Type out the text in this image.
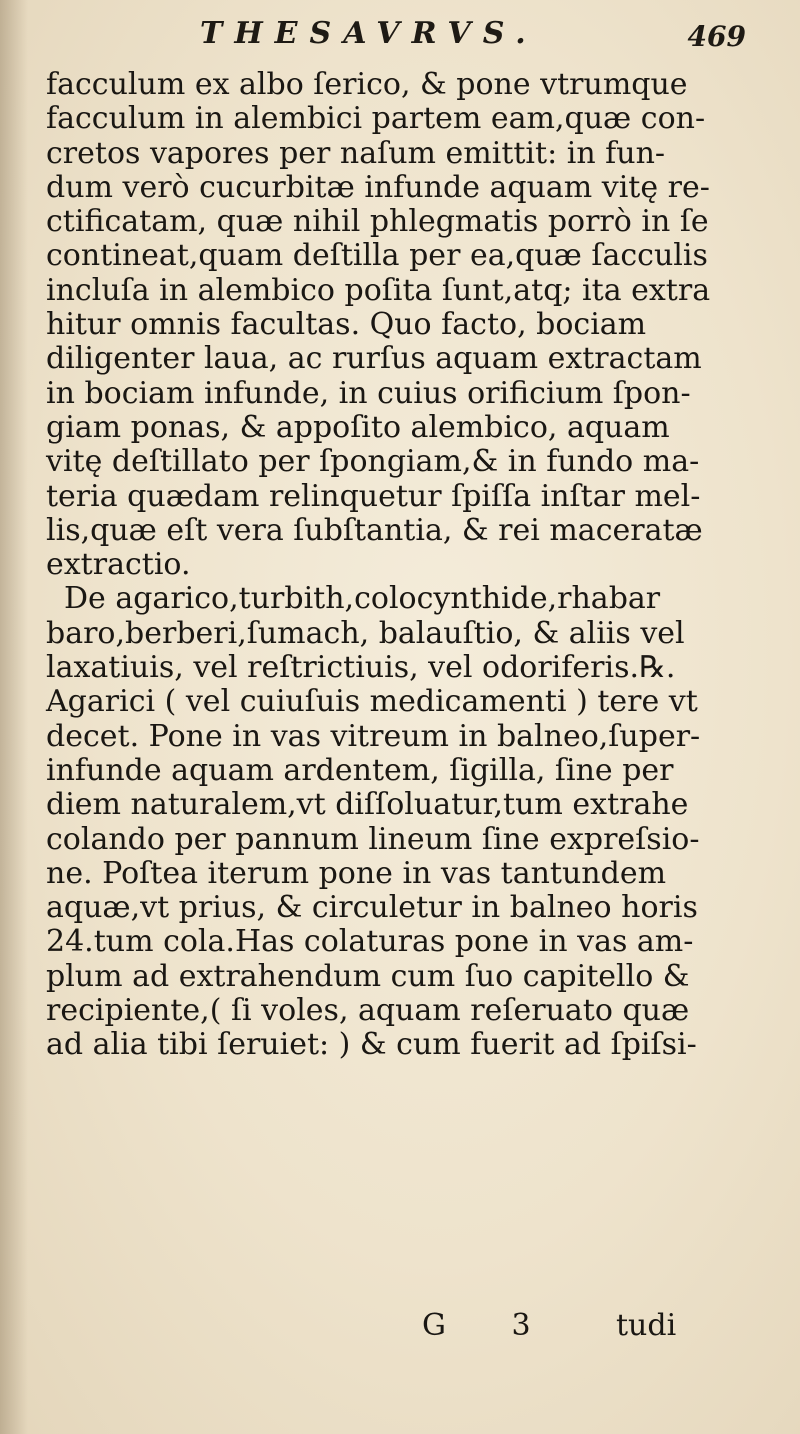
THESAVRVS.	469
facculum ex albo ſerico, & pone vtrumque
facculum in alembici partem eam,quæ con-
cretos vapores per naſum emittit: in fun-
dum verò cucurbitæ infunde aquam vitę re-
ctificatam, quæ nihil phlegmatis porrò in ſe
contineat,quam deſtilla per ea,quæ ſacculis
incluſa in alembico poſita ſunt,atq; ita extra
hitur omnis facultas. Quo facto, bociam
diligenter laua, ac rurſus aquam extractam
in bociam infunde, in cuius orificium ſpon-
giam ponas, & appoſito alembico, aquam
vitę deſtillato per ſpongiam,& in fundo ma-
teria quædam relinquetur ſpiſſa inſtar mel-
lis,quæ eſt vera ſubſtantia, & rei maceratæ
extractio.
De agarico,turbith,colocynthide,rhabar
baro,berberi,ſumach, balauſtio, & aliis vel
laxatiuis, vel reſtrictiuis, vel odoriferis.℞.
Agarici ( vel cuiuſuis medicamenti ) tere vt
decet. Pone in vas vitreum in balneo,ſuper-
infunde aquam ardentem, ſigilla, ſine per
diem naturalem,vt diſſoluatur,tum extrahe
colando per pannum lineum ſine expreſsio-
ne. Poſtea iterum pone in vas tantundem
aquæ,vt prius, & circuletur in balneo horis
24.tum cola.Has colaturas pone in vas am-
plum ad extrahendum cum ſuo capitello &
recipiente,( ſi voles, aquam reſeruato quæ
ad alia tibi ſeruiet: ) & cum fuerit ad ſpiſsi-
G 3 tudi
